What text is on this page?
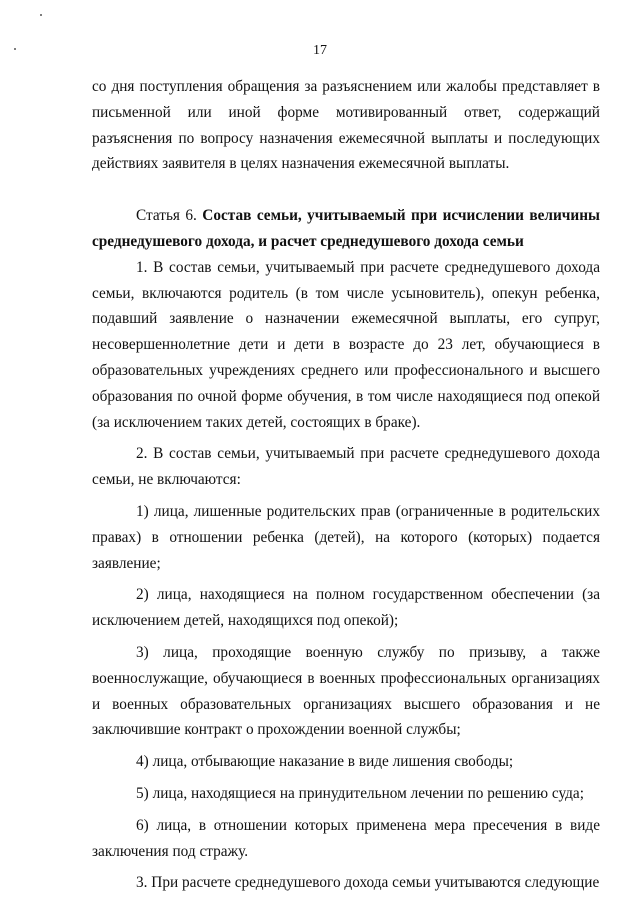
17

со дня поступления обращения за разъяснением или жалобы представляет в письменной или иной форме мотивированный ответ, содержащий разъяснения по вопросу назначения ежемесячной выплаты и последующих действиях заявителя в целях назначения ежемесячной выплаты.

Статья 6. Состав семьи, учитываемый при исчислении величины среднедушевого дохода, и расчет среднедушевого дохода семьи

1. В состав семьи, учитываемый при расчете среднедушевого дохода семьи, включаются родитель (в том числе усыновитель), опекун ребенка, подавший заявление о назначении ежемесячной выплаты, его супруг, несовершеннолетние дети и дети в возрасте до 23 лет, обучающиеся в образовательных учреждениях среднего или профессионального и высшего образования по очной форме обучения, в том числе находящиеся под опекой (за исключением таких детей, состоящих в браке).

2. В состав семьи, учитываемый при расчете среднедушевого дохода семьи, не включаются:

1) лица, лишенные родительских прав (ограниченные в родительских правах) в отношении ребенка (детей), на которого (которых) подается заявление;

2) лица, находящиеся на полном государственном обеспечении (за исключением детей, находящихся под опекой);

3) лица, проходящие военную службу по призыву, а также военнослужащие, обучающиеся в военных профессиональных организациях и военных образовательных организациях высшего образования и не заключившие контракт о прохождении военной службы;

4) лица, отбывающие наказание в виде лишения свободы;

5) лица, находящиеся на принудительном лечении по решению суда;

6) лица, в отношении которых применена мера пресечения в виде заключения под стражу.

3. При расчете среднедушевого дохода семьи учитываются следующие
